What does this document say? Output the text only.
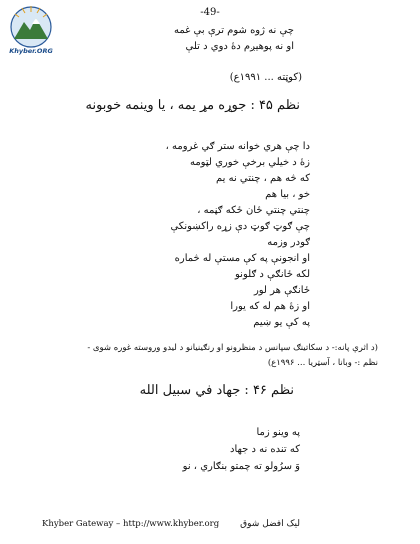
-49-
Khyber.ORG
چې نه ژوه شوم ترې بې غمه
او نه پوهيږم دۀ دوي د تلې
(کوټته ... ۱۹۹۱ع)
نظم ۴۵ : جوړه مړ يمه ، يا وينمه خوبونه
دا چې هري خوانه ستر ګي غرومه ،
زۀ د خيلي برخې خوري لټومه
که څه هم ، چنتي نه يم
خو ، بيا هم
چنتي چنتي ځان ځکه ګڼمه ،
چې ګوټ ګوټ دې زړه راکښونکې
ګودر وزمه
او انجونې په کې مستې له څماره
لکه ځانګې د ګلونو
ځانګې هر لور
او زۀ هم له که يورا
په کې يو ښيم
(د اثرې پانه:- د سکاتينګ سپانس د منظرونو او رنګينيانو د ليدو وروسته غوره شوی -
نظم :- وبانا ، آسټريا ... ۱۹۹۶ع)
نظم ۴۶ : جهاد في سبيل الله
په وينو زما
که تنده نه د جهاد
وَ سرُولو ته چمتو بنګاري ، نو
Khyber Gateway – http://www.khyber.org ليک افضل شوق
